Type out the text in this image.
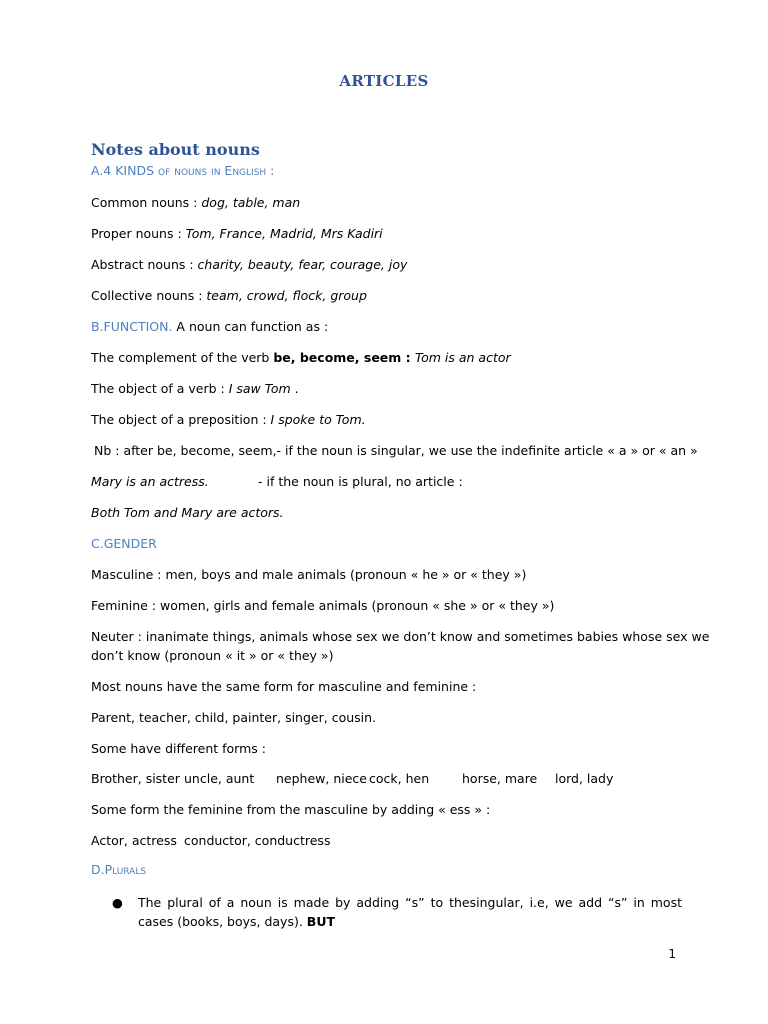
ARTICLES
Notes about nouns
A.4 KINDS of nouns in English :
Common nouns : dog, table, man
Proper nouns : Tom, France, Madrid, Mrs Kadiri
Abstract nouns : charity, beauty, fear, courage, joy
Collective nouns : team, crowd, flock, group
B.FUNCTION. A noun can function as :
The complement of the verb be, become, seem : Tom is an actor
The object of a verb : I saw Tom .
The object of a preposition : I spoke to Tom.
Nb : after be, become, seem,- if the noun is singular, we use the indefinite article « a » or « an »
Mary is an actress.	- if the noun is plural, no article :
Both Tom and Mary are actors.
C.GENDER
Masculine : men, boys and male animals (pronoun « he » or « they »)
Feminine : women, girls and female animals (pronoun « she » or « they »)
Neuter : inanimate things, animals whose sex we don’t know and sometimes babies whose sex we
don’t know (pronoun « it » or « they »)
Most nouns have the same form for masculine and feminine :
Parent, teacher, child, painter, singer, cousin.
Some have different forms :
Brother, sister uncle, aunt nephew, niece cock, hen	horse, mare lord, lady
Some form the feminine from the masculine by adding « ess » :
Actor, actress conductor, conductress
D.Plurals
● The plural of a noun is made by adding “s” to thesingular, i.e, we add “s” in most cases (books, boys, days). BUT
1
